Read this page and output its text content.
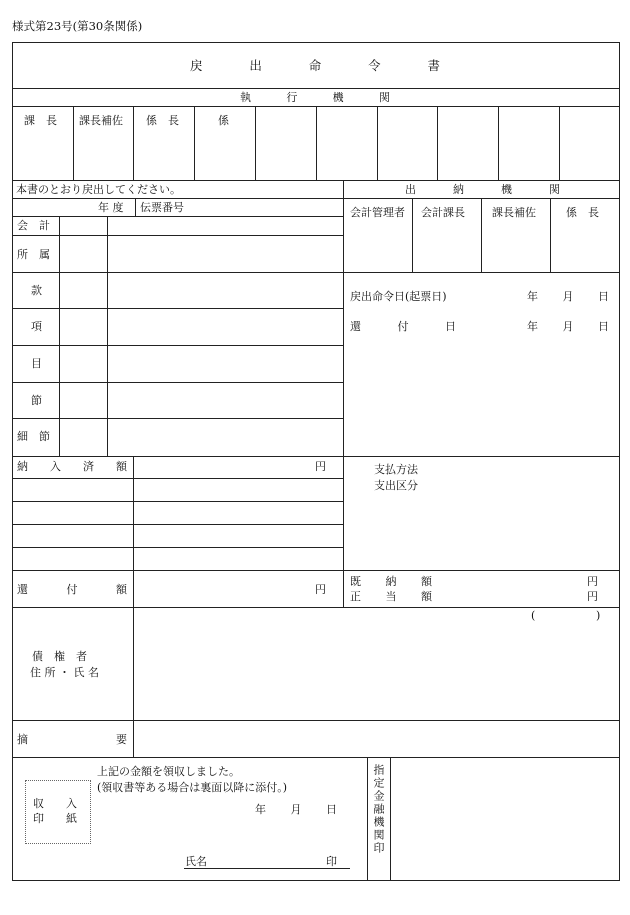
様式第23号(第30条関係)
戻	出	命	令	書
執	行	機	関
課　長 課長補佐 係　長	係
本書のとおり戻出してください。	出	納	機	関
会計管理者 会計課長 課長補佐	係　長
年 度 伝票番号
会　計
所　属
款
項
目
節
細　節
戻出命令日(起票日)	年 月 日
還	付	日	年 月 日
納 入 済 額	円	支払方法
支出区分
還	付	額	円
既 納 額	円
正 当 額	円
(	)
債　権　者
住 所 ・ 氏 名
摘	要
収　　入
印　　紙
上記の金額を領収しました。
(領収書等ある場合は裏面以降に添付。)
年 月 日
氏名	印
指定金融機関印
